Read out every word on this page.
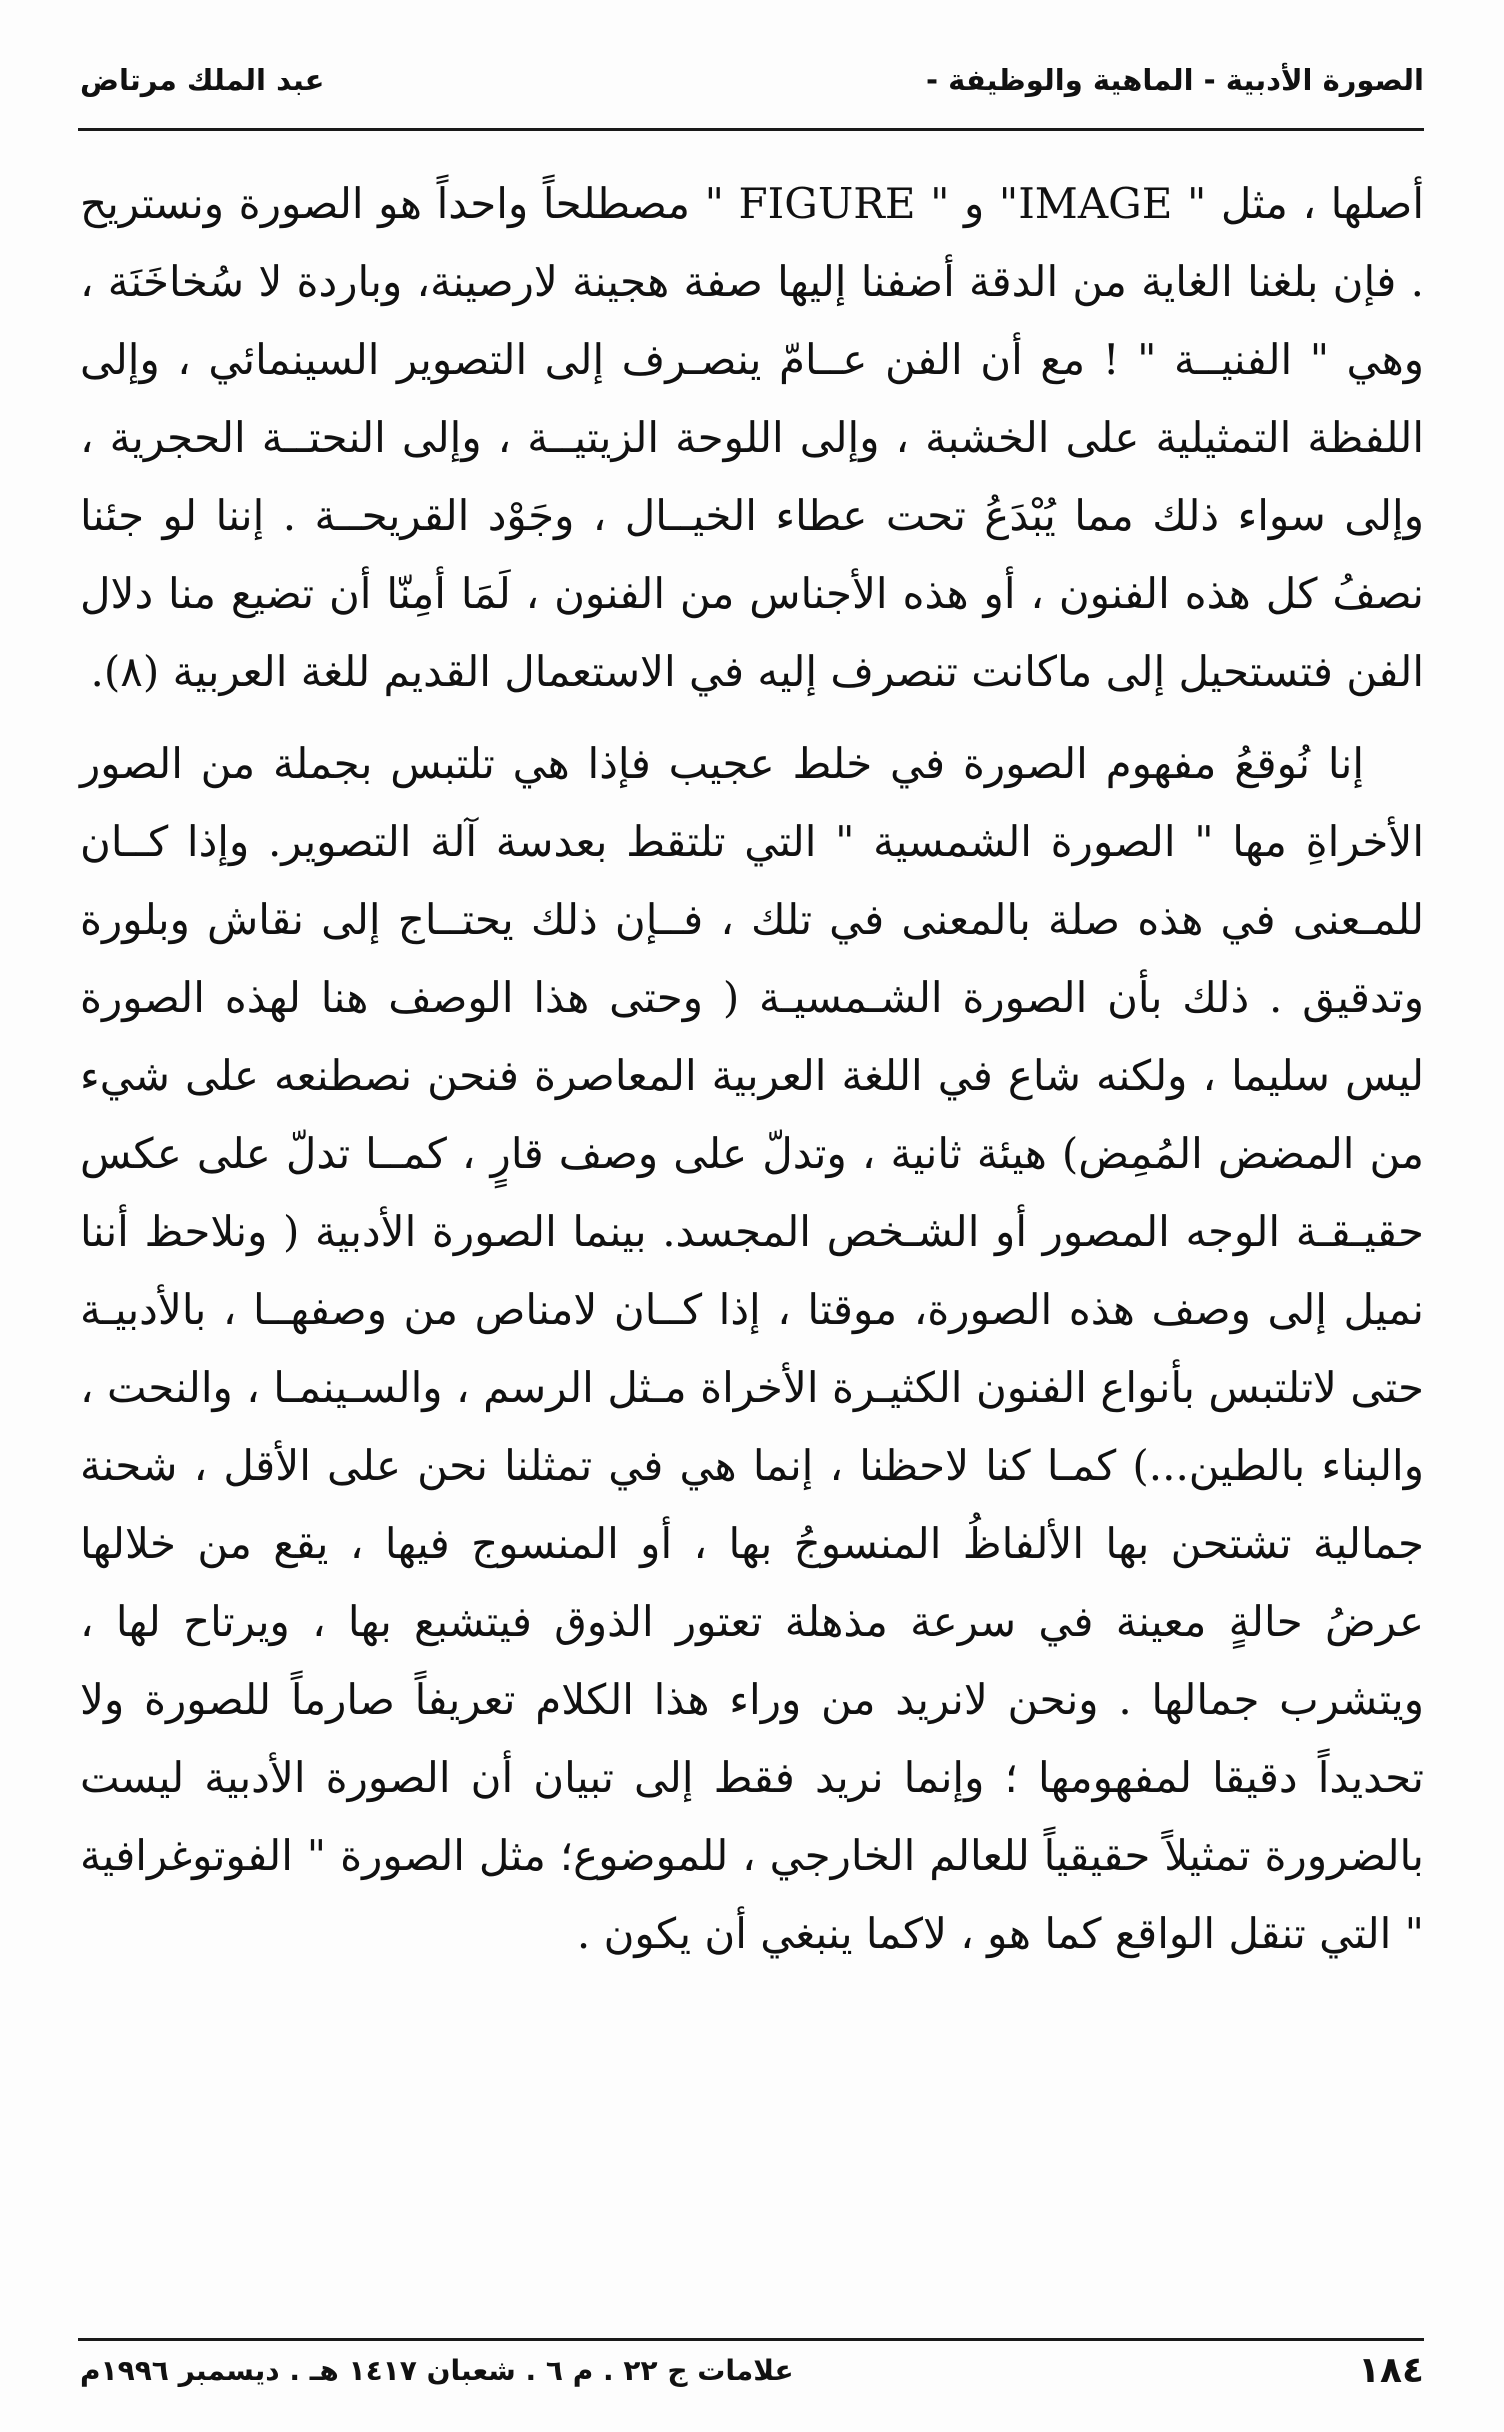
الصورة الأدبية - الماهية والوظيفة -
عبد الملك مرتاض

أصلها ، مثل " IMAGE" و " FIGURE " مصطلحاً واحداً هو الصورة ونستريح . فإن بلغنا الغاية من الدقة أضفنا إليها صفة هجينة لارصينة، وباردة لا سُخاخَنَة ، وهي " الفنيــة " ! مع أن الفن عــامّ ينصـرف إلى التصوير السينمائي ، وإلى اللفظة التمثيلية على الخشبة ، وإلى اللوحة الزيتيــة ، وإلى النحتــة الحجرية ، وإلى سواء ذلك مما يُبْدَعُ تحت عطاء الخيــال ، وجَوْد القريحــة . إننا لو جئنا نصفُ كل هذه الفنون ، أو هذه الأجناس من الفنون ، لَمَا أمِنّا أن تضيع منا دلال الفن فتستحيل إلى ماكانت تنصرف إليه في الاستعمال القديم للغة العربية (٨).

إنا نُوقعُ مفهوم الصورة في خلط عجيب فإذا هي تلتبس بجملة من الصور الأخراةِ مها " الصورة الشمسية " التي تلتقط بعدسة آلة التصوير. وإذا كــان للمـعنى في هذه صلة بالمعنى في تلك ، فــإن ذلك يحتــاج إلى نقاش وبلورة وتدقيق . ذلك بأن الصورة الشـمسيـة ( وحتى هذا الوصف هنا لهذه الصورة ليس سليما ، ولكنه شاع في اللغة العربية المعاصرة فنحن نصطنعه على شيء من المضض المُمِض) هيئة ثانية ، وتدلّ على وصف قارٍ ، كمــا تدلّ على عكس حقيـقـة الوجه المصور أو الشـخص المجسد. بينما الصورة الأدبية ( ونلاحظ أننا نميل إلى وصف هذه الصورة، موقتا ، إذا كــان لامناص من وصفهــا ، بالأدبيـة حتى لاتلتبس بأنواع الفنون الكثيـرة الأخراة مـثل الرسم ، والسـينمـا ، والنحت ، والبناء بالطين...) كمـا كنا لاحظنا ، إنما هي في تمثلنا نحن على الأقل ، شحنة جمالية تشتحن بها الألفاظُ المنسوجُ بها ، أو المنسوج فيها ، يقع من خلالها عرضُ حالةٍ معينة في سرعة مذهلة تعتور الذوق فيتشبع بها ، ويرتاح لها ، ويتشرب جمالها . ونحن لانريد من وراء هذا الكلام تعريفاً صارماً للصورة ولا تحديداً دقيقا لمفهومها ؛ وإنما نريد فقط إلى تبيان أن الصورة الأدبية ليست بالضرورة تمثيلاً حقيقياً للعالم الخارجي ، للموضوع؛ مثل الصورة " الفوتوغرافية " التي تنقل الواقع كما هو ، لاكما ينبغي أن يكون .

١٨٤
علامات ج ٢٢ . م ٦ . شعبان ١٤١٧ هـ . ديسمبر ١٩٩٦م
